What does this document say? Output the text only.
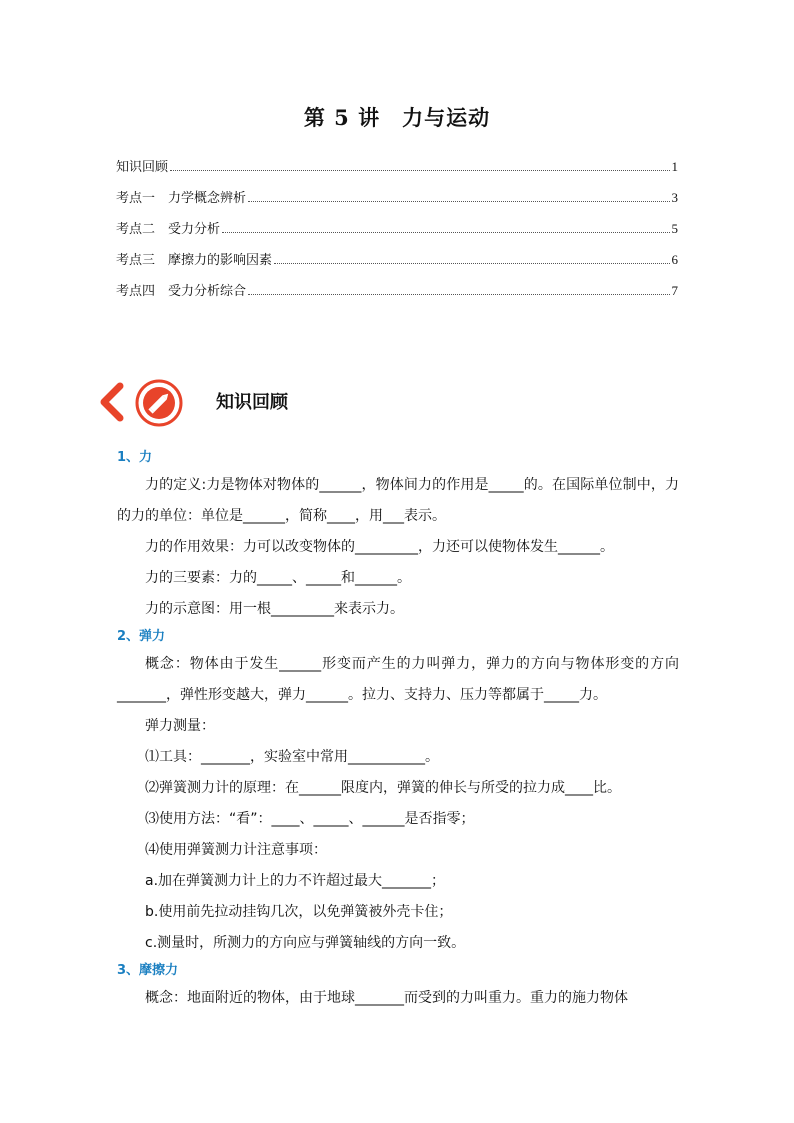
第 5 讲　力与运动
知识回顾	1
考点一　力学概念辨析	3
考点二　受力分析	5
考点三　摩擦力的影响因素	6
考点四　受力分析综合	7
知识回顾
1、力
力的定义:力是物体对物体的______，物体间力的作用是_____的。在国际单位制中，力的力的单位：单位是______，简称____，用___表示。
力的作用效果：力可以改变物体的_________，力还可以使物体发生______。
力的三要素：力的_____、_____和______。
力的示意图：用一根_________来表示力。
2、弹力
概念：物体由于发生______形变而产生的力叫弹力，弹力的方向与物体形变的方向_______，弹性形变越大，弹力______。拉力、支持力、压力等都属于_____力。
弹力测量：
⑴工具：_______，实验室中常用___________。
⑵弹簧测力计的原理：在______限度内，弹簧的伸长与所受的拉力成____比。
⑶使用方法：“看”：____、_____、______是否指零；
⑷使用弹簧测力计注意事项：
a.加在弹簧测力计上的力不许超过最大_______；
b.使用前先拉动挂钩几次，以免弹簧被外壳卡住；
c.测量时，所测力的方向应与弹簧轴线的方向一致。
3、摩擦力
概念：地面附近的物体，由于地球_______而受到的力叫重力。重力的施力物体
